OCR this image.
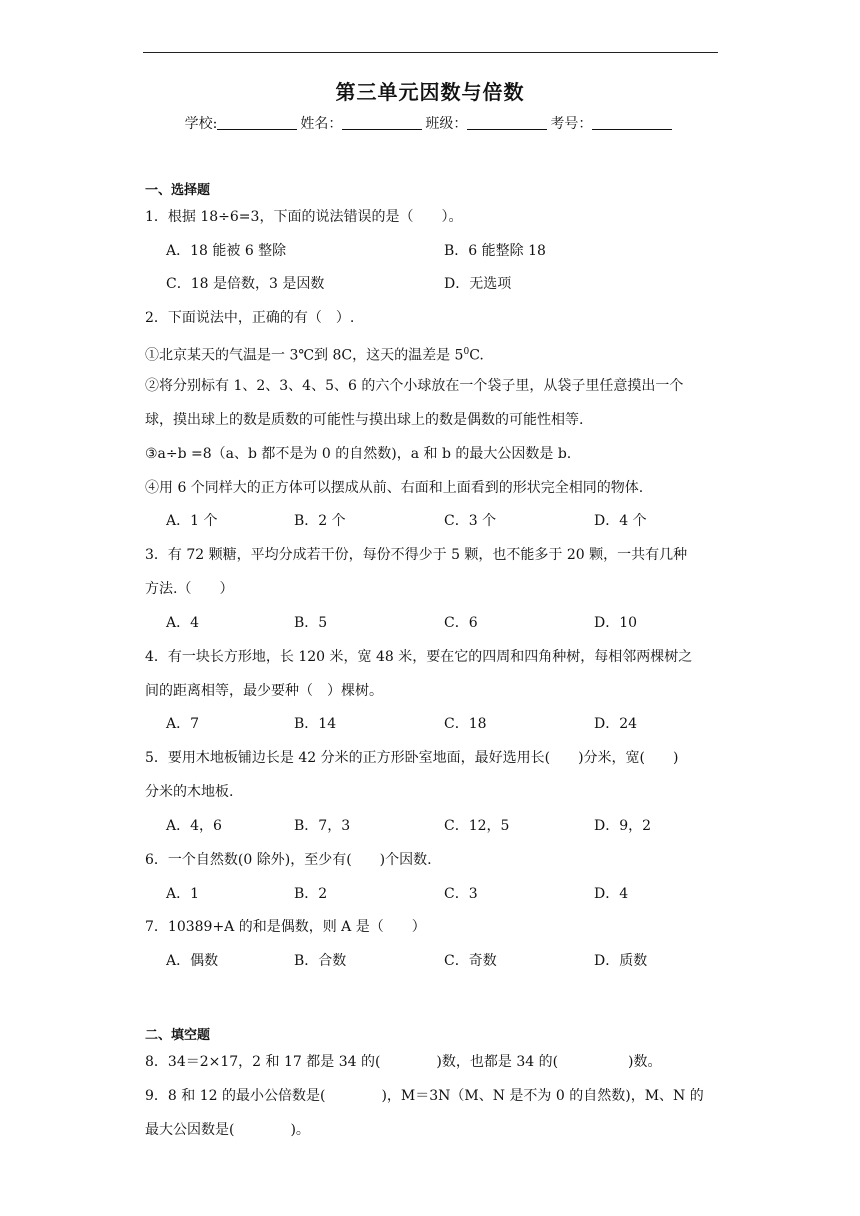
第三单元因数与倍数
学校:	姓名：	班级：	考号：
一、选择题
1．根据 18÷6=3，下面的说法错误的是（　　）。
A．18 能被 6 整除	B．6 能整除 18
C．18 是倍数，3 是因数	D．无选项
2．下面说法中，正确的有（　）.
①北京某天的气温是一 3℃到 8C，这天的温差是 $5^0C$.
②将分别标有 1、2、3、4、5、6 的六个小球放在一个袋子里，从袋子里任意摸出一个
球，摸出球上的数是质数的可能性与摸出球上的数是偶数的可能性相等.
③a÷b =8（a、b 都不是为 0 的自然数)，a 和 b 的最大公因数是 b.
④用 6 个同样大的正方体可以摆成从前、右面和上面看到的形状完全相同的物体.
A．1 个	B．2 个	C．3 个	D．4 个
3．有 72 颗糖，平均分成若干份，每份不得少于 5 颗，也不能多于 20 颗，一共有几种
方法.（　　）
A．4	B．5	C．6	D．10
4．有一块长方形地，长 120 米，宽 48 米，要在它的四周和四角种树，每相邻两棵树之
间的距离相等，最少要种（　）棵树。
A．7	B．14	C．18	D．24
5．要用木地板铺边长是 42 分米的正方形卧室地面，最好选用长(　　)分米，宽(　　)
分米的木地板.
A．4，6	B．7，3	C．12，5	D．9，2
6．一个自然数(0 除外)，至少有(　　)个因数.
A．1	B．2	C．3	D．4
7．10389+A 的和是偶数，则 A 是（　　）
A．偶数	B．合数	C．奇数	D．质数
二、填空题
8．34＝2×17，2 和 17 都是 34 的(　　　　)数，也都是 34 的(　　　　　)数。
9．8 和 12 的最小公倍数是(　　　　)，M＝3N（M、N 是不为 0 的自然数)，M、N 的
最大公因数是(　　　　)。
